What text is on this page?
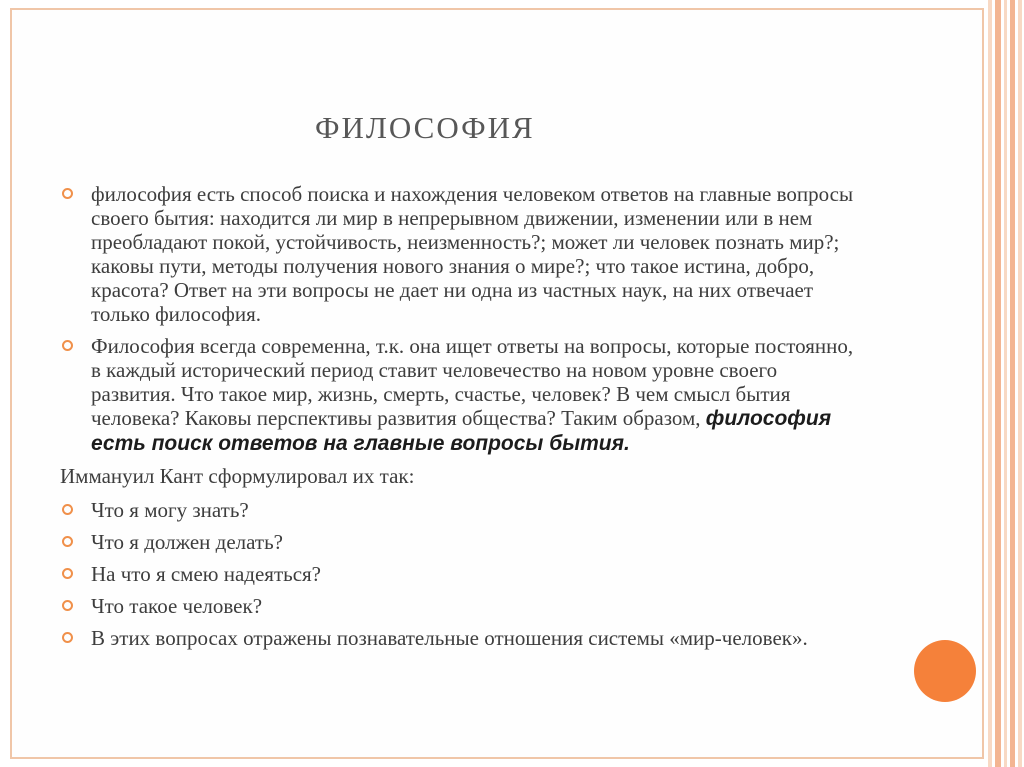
ФИЛОСОФИЯ
философия есть способ поиска и нахождения человеком ответов на главные вопросы своего бытия: находится ли мир в непрерывном движении, изменении или в нем преобладают покой, устойчивость, неизменность?; может ли человек познать мир?; каковы пути, методы получения нового знания о мире?; что такое истина, добро, красота? Ответ на эти вопросы не дает ни одна из частных наук, на них отвечает только философия.
Философия всегда современна, т.к. она ищет ответы на вопросы, которые постоянно, в каждый исторический период ставит человечество на новом уровне своего развития. Что такое мир, жизнь, смерть, счастье, человек? В чем смысл бытия человека? Каковы перспективы развития общества? Таким образом, философия есть поиск ответов на главные вопросы бытия.
Иммануил Кант сформулировал их так:
Что я могу знать?
Что я должен делать?
На что я смею надеяться?
Что такое человек?
В этих вопросах отражены познавательные отношения системы «мир-человек».
